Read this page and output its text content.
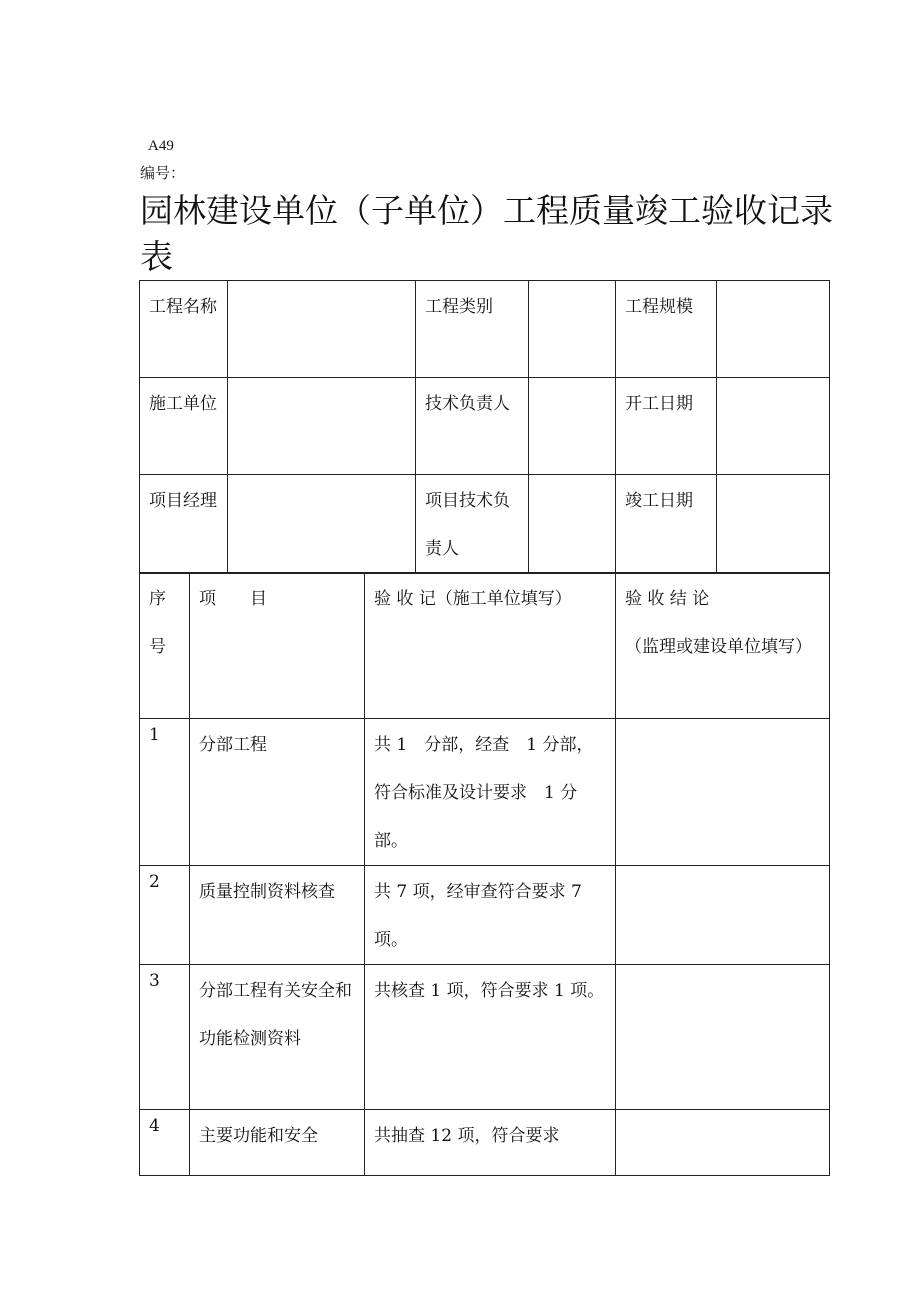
A49
编号：
园林建设单位（子单位）工程质量竣工验收记录表
工程名称		工程类别		工程规模	
施工单位		技术负责人		开工日期	
项目经理		项目技术负责人		竣工日期	
序号	项　　目	验 收 记（施工单位填写）	验 收 结 论
（监理或建设单位填写）

1	分部工程	共 1　分部，经查　1 分部，符合标准及设计要求　1 分部。	
2	质量控制资料核查	共 7 项，经审查符合要求 7 项。	
3	分部工程有关安全和功能检测资料	共核查 1 项，符合要求 1 项。	
4	主要功能和安全	共抽查 12 项，符合要求	
